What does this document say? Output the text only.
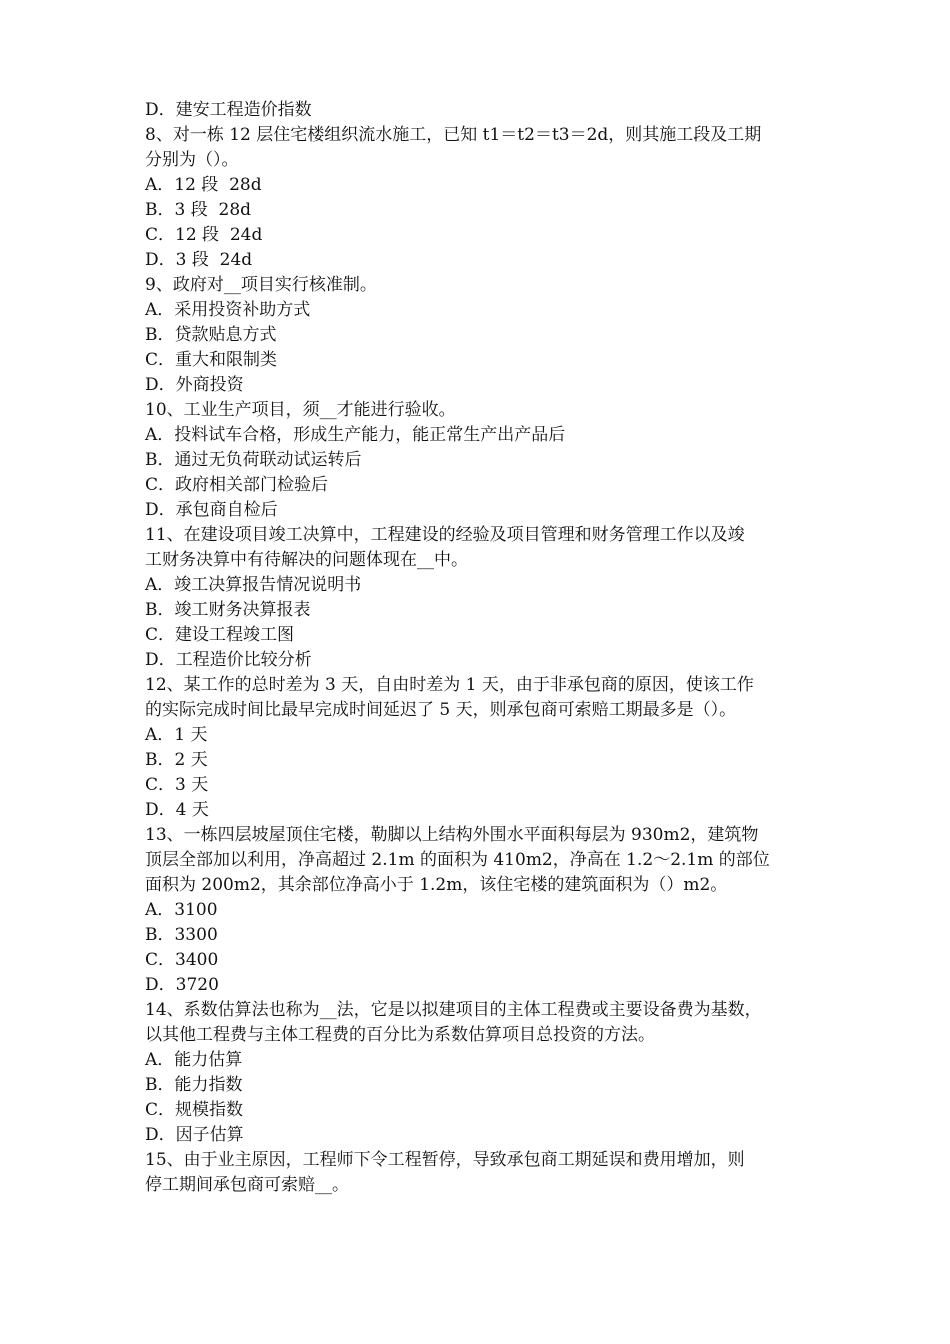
D．建安工程造价指数
8、对一栋 12 层住宅楼组织流水施工，已知 t1＝t2＝t3＝2d，则其施工段及工期
分别为（）。
A．12 段  28d
B．3 段  28d
C．12 段  24d
D．3 段  24d
9、政府对__项目实行核准制。
A．采用投资补助方式
B．贷款贴息方式
C．重大和限制类
D．外商投资
10、工业生产项目，须__才能进行验收。
A．投料试车合格，形成生产能力，能正常生产出产品后
B．通过无负荷联动试运转后
C．政府相关部门检验后
D．承包商自检后
11、在建设项目竣工决算中，工程建设的经验及项目管理和财务管理工作以及竣
工财务决算中有待解决的问题体现在__中。
A．竣工决算报告情况说明书
B．竣工财务决算报表
C．建设工程竣工图
D．工程造价比较分析
12、某工作的总时差为 3 天，自由时差为 1 天，由于非承包商的原因，使该工作
的实际完成时间比最早完成时间延迟了 5 天，则承包商可索赔工期最多是（）。
A．1 天
B．2 天
C．3 天
D．4 天
13、一栋四层坡屋顶住宅楼，勒脚以上结构外围水平面积每层为 930m2，建筑物
顶层全部加以利用，净高超过 2.1m 的面积为 410m2，净高在 1.2～2.1m 的部位
面积为 200m2，其余部位净高小于 1.2m，该住宅楼的建筑面积为（）m2。
A．3100
B．3300
C．3400
D．3720
14、系数估算法也称为__法，它是以拟建项目的主体工程费或主要设备费为基数，
以其他工程费与主体工程费的百分比为系数估算项目总投资的方法。
A．能力估算
B．能力指数
C．规模指数
D．因子估算
15、由于业主原因，工程师下令工程暂停，导致承包商工期延误和费用增加，则
停工期间承包商可索赔__。
